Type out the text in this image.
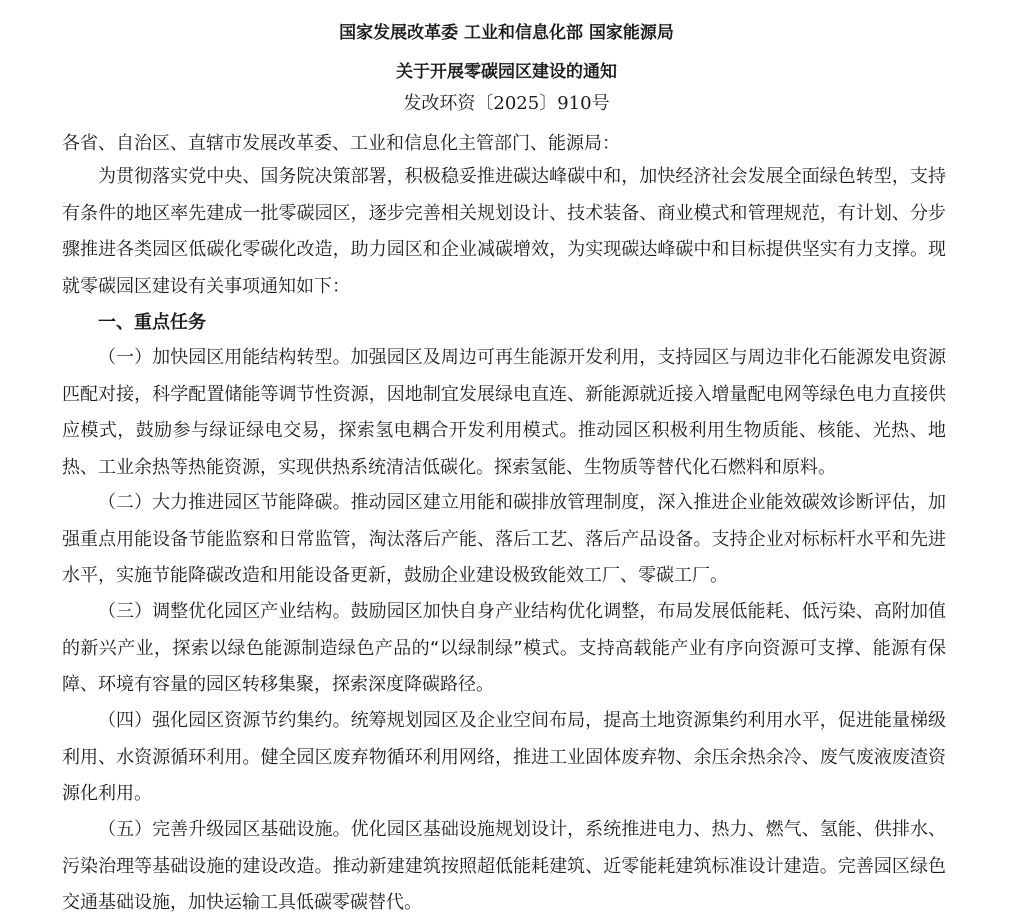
国家发展改革委 工业和信息化部 国家能源局
关于开展零碳园区建设的通知
发改环资〔2025〕910号
各省、自治区、直辖市发展改革委、工业和信息化主管部门、能源局：
为贯彻落实党中央、国务院决策部署，积极稳妥推进碳达峰碳中和，加快经济社会发展全面绿色转型，支持有条件的地区率先建成一批零碳园区，逐步完善相关规划设计、技术装备、商业模式和管理规范，有计划、分步骤推进各类园区低碳化零碳化改造，助力园区和企业减碳增效，为实现碳达峰碳中和目标提供坚实有力支撑。现就零碳园区建设有关事项通知如下：
一、重点任务
（一）加快园区用能结构转型。加强园区及周边可再生能源开发利用，支持园区与周边非化石能源发电资源匹配对接，科学配置储能等调节性资源，因地制宜发展绿电直连、新能源就近接入增量配电网等绿色电力直接供应模式，鼓励参与绿证绿电交易，探索氢电耦合开发利用模式。推动园区积极利用生物质能、核能、光热、地热、工业余热等热能资源，实现供热系统清洁低碳化。探索氢能、生物质等替代化石燃料和原料。
（二）大力推进园区节能降碳。推动园区建立用能和碳排放管理制度，深入推进企业能效碳效诊断评估，加强重点用能设备节能监察和日常监管，淘汰落后产能、落后工艺、落后产品设备。支持企业对标标杆水平和先进水平，实施节能降碳改造和用能设备更新，鼓励企业建设极致能效工厂、零碳工厂。
（三）调整优化园区产业结构。鼓励园区加快自身产业结构优化调整，布局发展低能耗、低污染、高附加值的新兴产业，探索以绿色能源制造绿色产品的“以绿制绿”模式。支持高载能产业有序向资源可支撑、能源有保障、环境有容量的园区转移集聚，探索深度降碳路径。
（四）强化园区资源节约集约。统筹规划园区及企业空间布局，提高土地资源集约利用水平，促进能量梯级利用、水资源循环利用。健全园区废弃物循环利用网络，推进工业固体废弃物、余压余热余冷、废气废液废渣资源化利用。
（五）完善升级园区基础设施。优化园区基础设施规划设计，系统推进电力、热力、燃气、氢能、供排水、污染治理等基础设施的建设改造。推动新建建筑按照超低能耗建筑、近零能耗建筑标准设计建造。完善园区绿色交通基础设施，加快运输工具低碳零碳替代。
